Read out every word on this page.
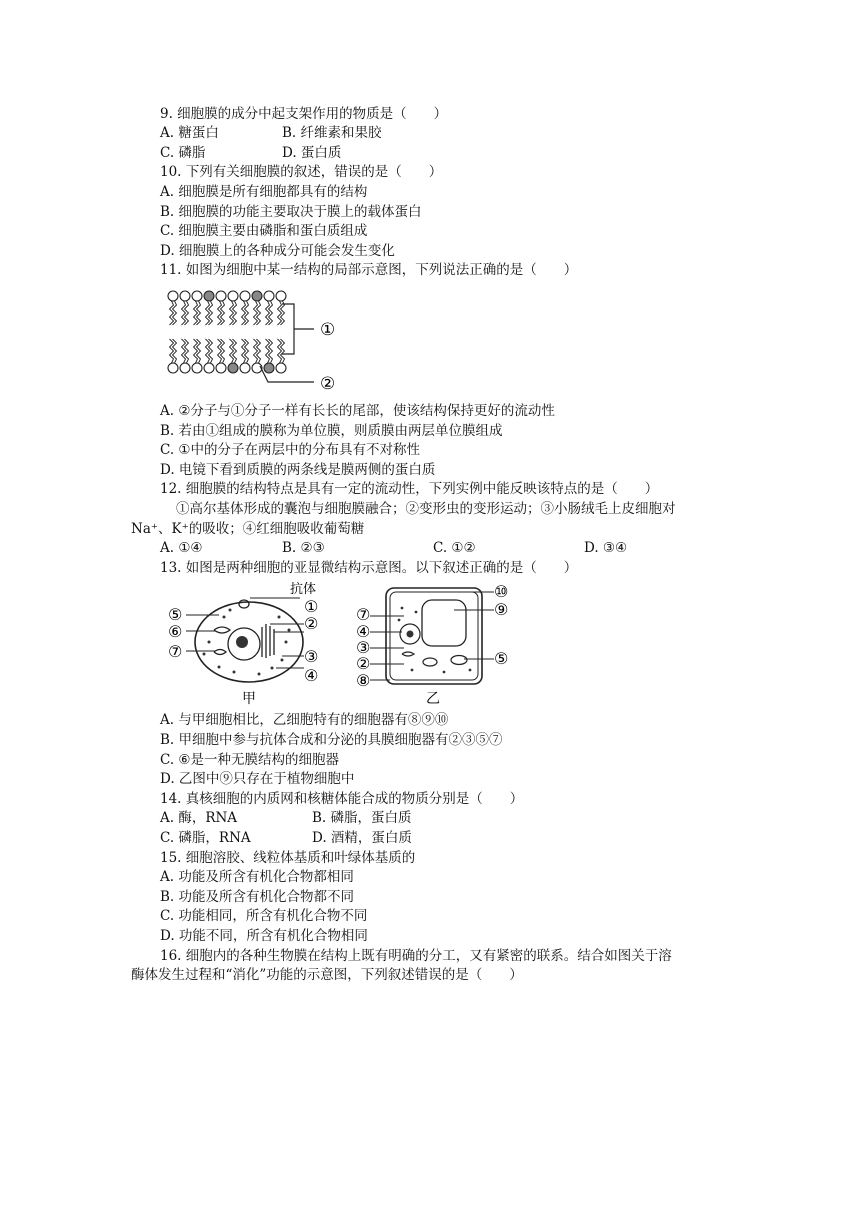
9. 细胞膜的成分中起支架作用的物质是（　　）
A. 糖蛋白	B. 纤维素和果胶
C. 磷脂	D. 蛋白质
10. 下列有关细胞膜的叙述，错误的是（　　）
A. 细胞膜是所有细胞都具有的结构
B. 细胞膜的功能主要取决于膜上的载体蛋白
C. 细胞膜主要由磷脂和蛋白质组成
D. 细胞膜上的各种成分可能会发生变化
11. 如图为细胞中某一结构的局部示意图，下列说法正确的是（　　）
①
②
A. ②分子与①分子一样有长长的尾部，使该结构保持更好的流动性
B. 若由①组成的膜称为单位膜，则质膜由两层单位膜组成
C. ①中的分子在两层中的分布具有不对称性
D. 电镜下看到质膜的两条线是膜两侧的蛋白质
12. 细胞膜的结构特点是具有一定的流动性，下列实例中能反映该特点的是（　　）
①高尔基体形成的囊泡与细胞膜融合；②变形虫的变形运动；③小肠绒毛上皮细胞对
Na⁺、K⁺的吸收；④红细胞吸收葡萄糖
A. ①④	B. ②③	C. ①②	D. ③④
13. 如图是两种细胞的亚显微结构示意图。以下叙述正确的是（　　）
抗体
⑤
⑥
⑦
①
②
③
④
甲
⑦
④
③
②
⑧
⑩
⑨
⑤
乙
A. 与甲细胞相比，乙细胞特有的细胞器有⑧⑨⑩
B. 甲细胞中参与抗体合成和分泌的具膜细胞器有②③⑤⑦
C. ⑥是一种无膜结构的细胞器
D. 乙图中⑨只存在于植物细胞中
14. 真核细胞的内质网和核糖体能合成的物质分别是（　　）
A. 酶，RNA	B. 磷脂，蛋白质
C. 磷脂，RNA	D. 酒精，蛋白质
15. 细胞溶胶、线粒体基质和叶绿体基质的
A. 功能及所含有机化合物都相同
B. 功能及所含有机化合物都不同
C. 功能相同，所含有机化合物不同
D. 功能不同，所含有机化合物相同
16. 细胞内的各种生物膜在结构上既有明确的分工，又有紧密的联系。结合如图关于溶
酶体发生过程和“消化”功能的示意图，下列叙述错误的是（　　）
